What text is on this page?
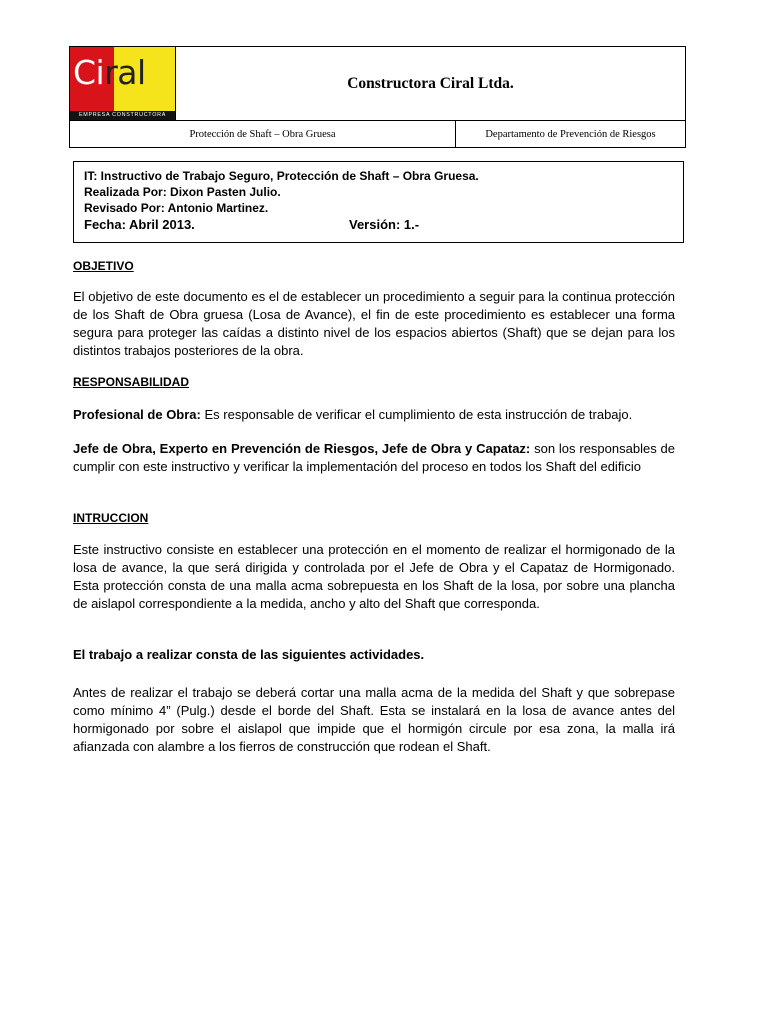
Ciral
EMPRESA CONSTRUCTORA
Constructora Ciral Ltda.
Protección de Shaft – Obra Gruesa	Departamento de Prevención de Riesgos
IT: Instructivo de Trabajo Seguro, Protección de Shaft – Obra Gruesa.
Realizada Por: Dixon Pasten Julio.
Revisado Por: Antonio Martinez.
Fecha: Abril 2013.	Versión: 1.-
OBJETIVO
El objetivo de este documento es el de establecer un procedimiento a seguir para la continua protección de los Shaft de Obra gruesa (Losa de Avance), el fin de este procedimiento es establecer una forma segura para proteger las caídas a distinto nivel de los espacios abiertos (Shaft) que se dejan para los distintos trabajos posteriores de la obra.
RESPONSABILIDAD
Profesional de Obra: Es responsable de verificar el cumplimiento de esta instrucción de trabajo.
Jefe de Obra, Experto en Prevención de Riesgos, Jefe de Obra y Capataz: son los responsables de cumplir con este instructivo y verificar la implementación del proceso en todos los Shaft del edificio
INTRUCCION
Este instructivo consiste en establecer una protección en el momento de realizar el hormigonado de la losa de avance, la que será dirigida y controlada por el Jefe de Obra y el Capataz de Hormigonado. Esta protección consta de una malla acma sobrepuesta en los Shaft de la losa, por sobre una plancha de aislapol correspondiente a la medida, ancho y alto del Shaft que corresponda.
El trabajo a realizar consta de las siguientes actividades.
Antes de realizar el trabajo se deberá cortar una malla acma de la medida del Shaft y que sobrepase como mínimo 4” (Pulg.) desde el borde del Shaft. Esta se instalará en la losa de avance antes del hormigonado por sobre el aislapol que impide que el hormigón circule por esa zona, la malla irá afianzada con alambre a los fierros de construcción que rodean el Shaft.
